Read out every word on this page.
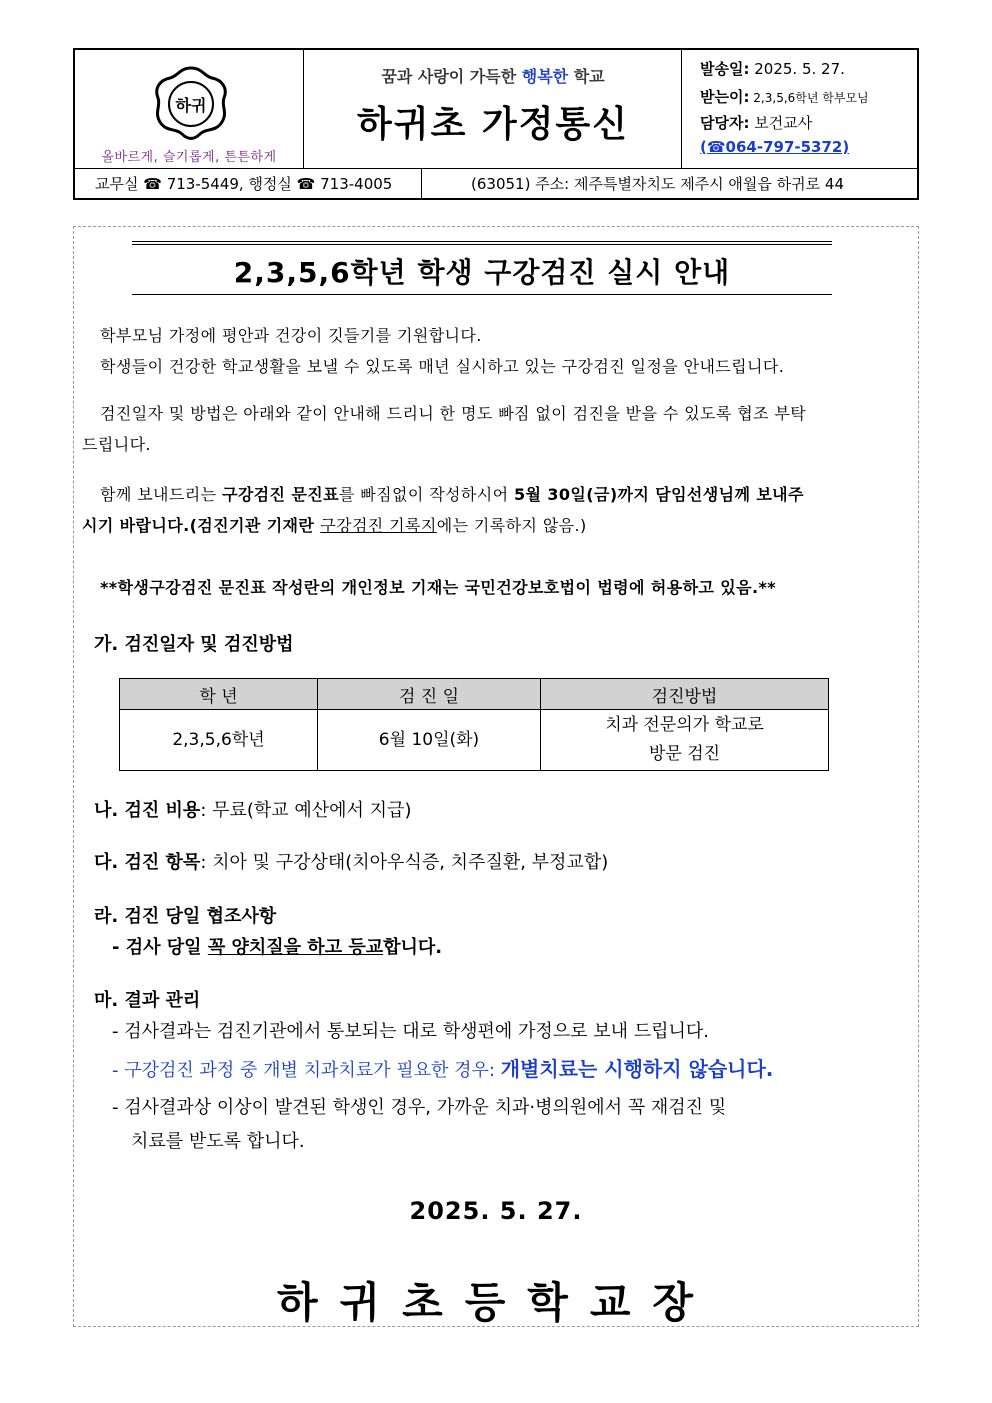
하귀
올바르게, 슬기롭게, 튼튼하게
꿈과 사랑이 가득한 행복한 학교
하귀초 가정통신
발송일: 2025. 5. 27.
받는이: 2,3,5,6학년 학부모님
담당자: 보건교사
(☎064-797-5372)
교무실 ☎ 713-5449, 행정실 ☎ 713-4005	(63051) 주소: 제주특별자치도 제주시 애월읍 하귀로 44
2,3,5,6학년 학생 구강검진 실시 안내
학부모님 가정에 평안과 건강이 깃들기를 기원합니다.
학생들이 건강한 학교생활을 보낼 수 있도록 매년 실시하고 있는 구강검진 일정을 안내드립니다.
검진일자 및 방법은 아래와 같이 안내해 드리니 한 명도 빠짐 없이 검진을 받을 수 있도록 협조 부탁
드립니다.
함께 보내드리는 구강검진 문진표를 빠짐없이 작성하시어 5월 30일(금)까지 담임선생님께 보내주
시기 바랍니다.(검진기관 기재란 구강검진 기록지에는 기록하지 않음.)
**학생구강검진 문진표 작성란의 개인정보 기재는 국민건강보호법이 법령에 허용하고 있음.**
가. 검진일자 및 검진방법
학 년	검 진 일	검진방법
2,3,5,6학년	6월 10일(화)	치과 전문의가 학교로
방문 검진
나. 검진 비용: 무료(학교 예산에서 지급)
다. 검진 항목: 치아 및 구강상태(치아우식증, 치주질환, 부정교합)
라. 검진 당일 협조사항
- 검사 당일 꼭 양치질을 하고 등교합니다.
마. 결과 관리
- 검사결과는 검진기관에서 통보되는 대로 학생편에 가정으로 보내 드립니다.
- 구강검진 과정 중 개별 치과치료가 필요한 경우: 개별치료는 시행하지 않습니다.
- 검사결과상 이상이 발견된 학생인 경우, 가까운 치과·병의원에서 꼭 재검진 및
치료를 받도록 합니다.
2025. 5. 27.
하귀초등학교장
